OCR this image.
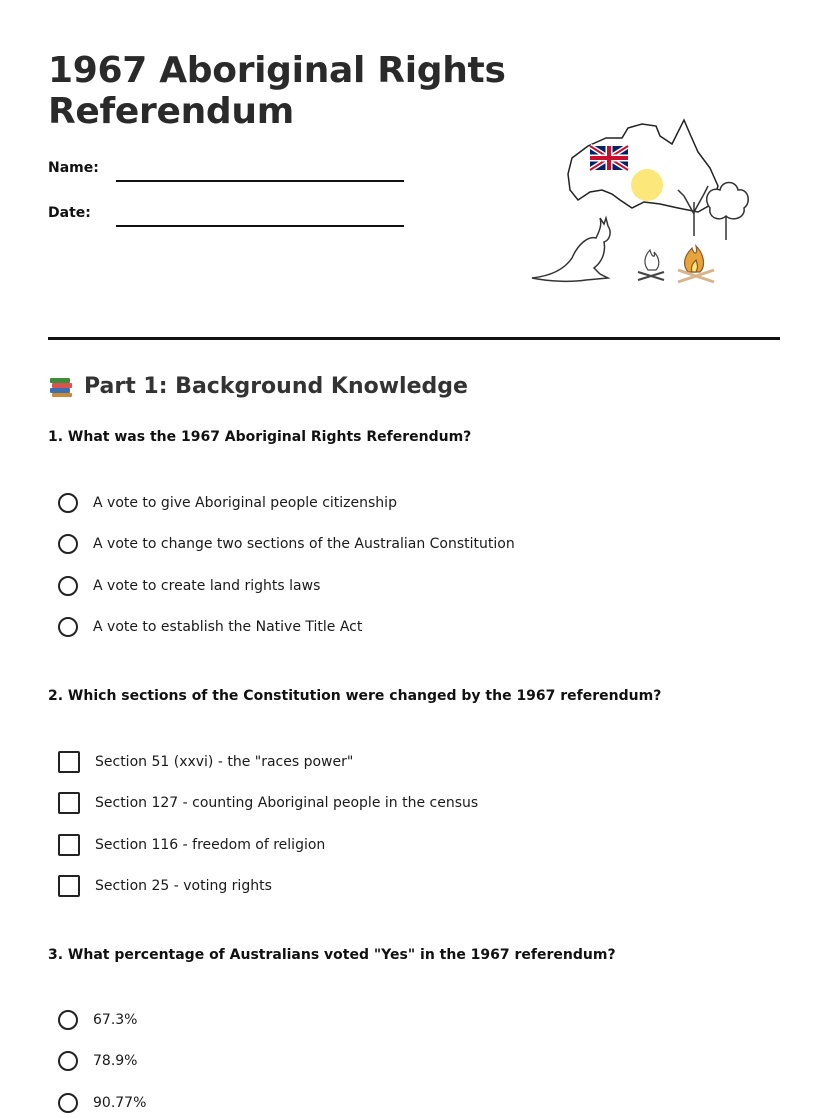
1967 Aboriginal Rights
Referendum
Name:
Date:
Part 1: Background Knowledge

1. What was the 1967 Aboriginal Rights Referendum?

A vote to give Aboriginal people citizenship
A vote to change two sections of the Australian Constitution
A vote to create land rights laws
A vote to establish the Native Title Act

2. Which sections of the Constitution were changed by the 1967 referendum?

Section 51 (xxvi) - the "races power"
Section 127 - counting Aboriginal people in the census
Section 116 - freedom of religion
Section 25 - voting rights

3. What percentage of Australians voted "Yes" in the 1967 referendum?

67.3%
78.9%
90.77%
